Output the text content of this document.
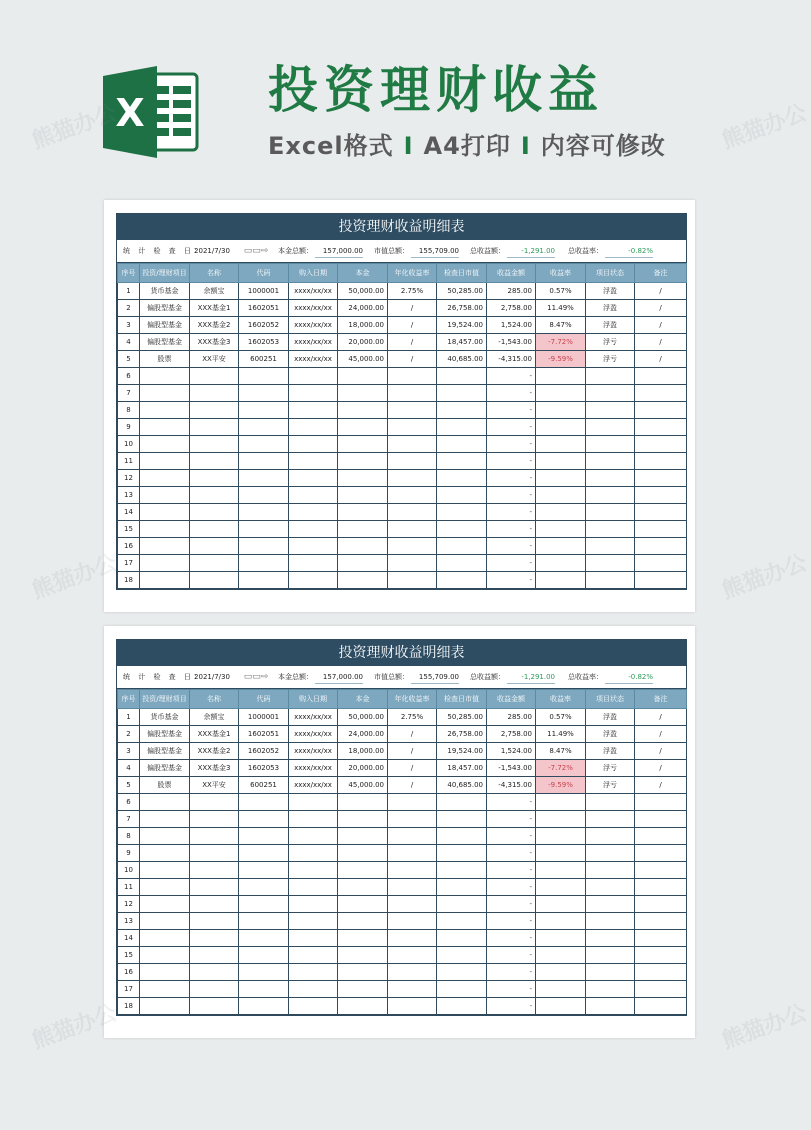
X 投资理财收益
Excel格式 I A4打印 I 内容可修改
投资理财收益明细表
统 计 检 查 日：
2021/7/30	▭▭⇨	本金总额：	157,000.00	市值总额：	155,709.00	总收益额：	-1,291.00	总收益率：	-0.82%
序号	投资/理财项目	名称	代码	购入日期	本金	年化收益率	检查日市值	收益金额	收益率	项目状态	备注
1	货币基金	余额宝	1000001	xxxx/xx/xx	50,000.00	2.75%	50,285.00	285.00	0.57%	浮盈	/
2	偏股型基金	XXX基金1	1602051	xxxx/xx/xx	24,000.00	/	26,758.00	2,758.00	11.49%	浮盈	/
3	偏股型基金	XXX基金2	1602052	xxxx/xx/xx	18,000.00	/	19,524.00	1,524.00	8.47%	浮盈	/
4	偏股型基金	XXX基金3	1602053	xxxx/xx/xx	20,000.00	/	18,457.00	-1,543.00	-7.72%	浮亏	/
5	股票	XX平安	600251	xxxx/xx/xx	45,000.00	/	40,685.00	-4,315.00	-9.59%	浮亏	/
6								-			
7								-			
8								-			
9								-			
10								-			
11								-			
12								-			
13								-			
14								-			
15								-			
16								-			
17								-			
18								-			
投资理财收益明细表
统 计 检 查 日：
2021/7/30	▭▭⇨	本金总额：	157,000.00	市值总额：	155,709.00	总收益额：	-1,291.00	总收益率：	-0.82%
序号	投资/理财项目	名称	代码	购入日期	本金	年化收益率	检查日市值	收益金额	收益率	项目状态	备注
1	货币基金	余额宝	1000001	xxxx/xx/xx	50,000.00	2.75%	50,285.00	285.00	0.57%	浮盈	/
2	偏股型基金	XXX基金1	1602051	xxxx/xx/xx	24,000.00	/	26,758.00	2,758.00	11.49%	浮盈	/
3	偏股型基金	XXX基金2	1602052	xxxx/xx/xx	18,000.00	/	19,524.00	1,524.00	8.47%	浮盈	/
4	偏股型基金	XXX基金3	1602053	xxxx/xx/xx	20,000.00	/	18,457.00	-1,543.00	-7.72%	浮亏	/
5	股票	XX平安	600251	xxxx/xx/xx	45,000.00	/	40,685.00	-4,315.00	-9.59%	浮亏	/
6								-			
7								-			
8								-			
9								-			
10								-			
11								-			
12								-			
13								-			
14								-			
15								-			
16								-			
17								-			
18								-			
熊猫办公	熊猫办公
熊猫办公	熊猫办公
熊猫办公	熊猫办公
